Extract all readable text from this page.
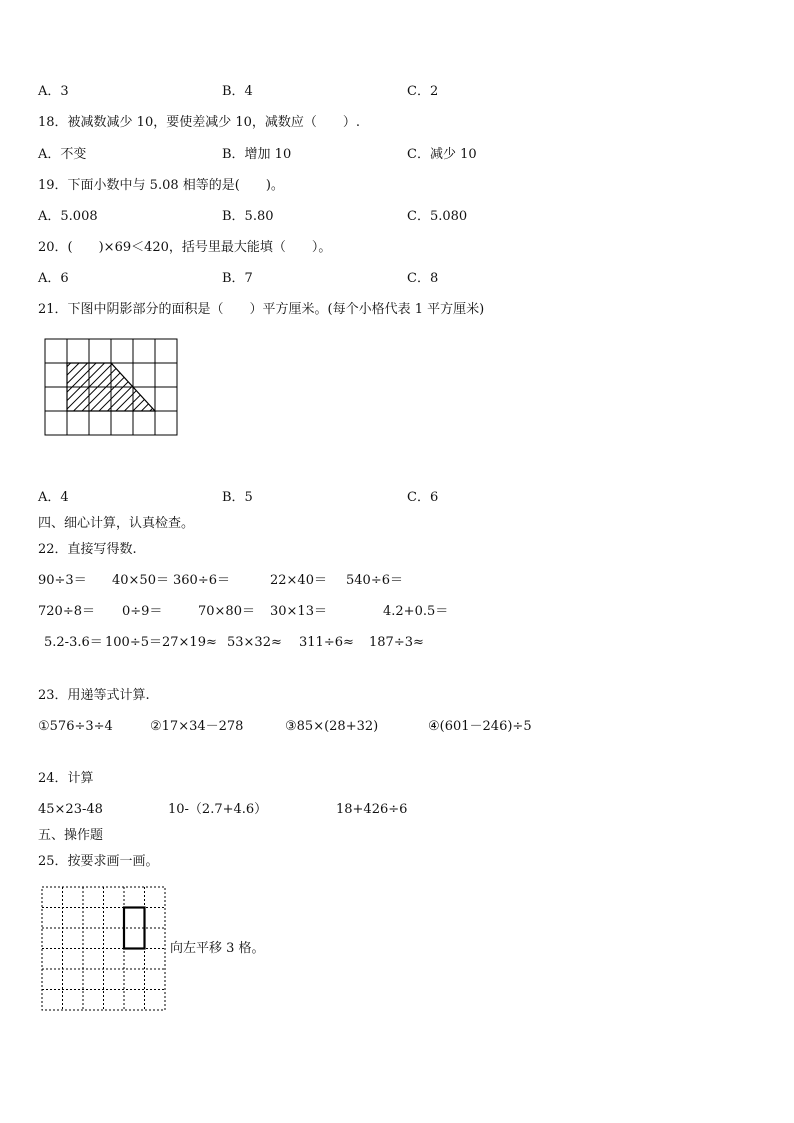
A．3	B．4	C．2
18．被减数减少 10，要使差减少 10，减数应（　　）.
A．不变	B．增加 10	C．减少 10
19．下面小数中与 5.08 相等的是(　　)。
A．5.008	B．5.80	C．5.080
20．(　　)×69＜420，括号里最大能填（　　）。
A．6	B．7	C．8
21．下图中阴影部分的面积是（　　）平方厘米。(每个小格代表 1 平方厘米)
A．4	B．5	C．6
四、细心计算，认真检查。
22．直接写得数.
90÷3＝ 40×50＝ 360÷6＝	22×40＝ 540÷6＝
720÷8＝ 0÷9＝	70×80＝ 30×13＝	4.2+0.5＝
5.2-3.6＝ 100÷5＝ 27×19≈ 53×32≈ 311÷6≈ 187÷3≈
23．用递等式计算.
①576÷3÷4	②17×34－278	③85×(28+32)	④(601－246)÷5
24．计算
45×23-48	10-（2.7+4.6）	18+426÷6
五、操作题
25．按要求画一画。
向左平移 3 格。
